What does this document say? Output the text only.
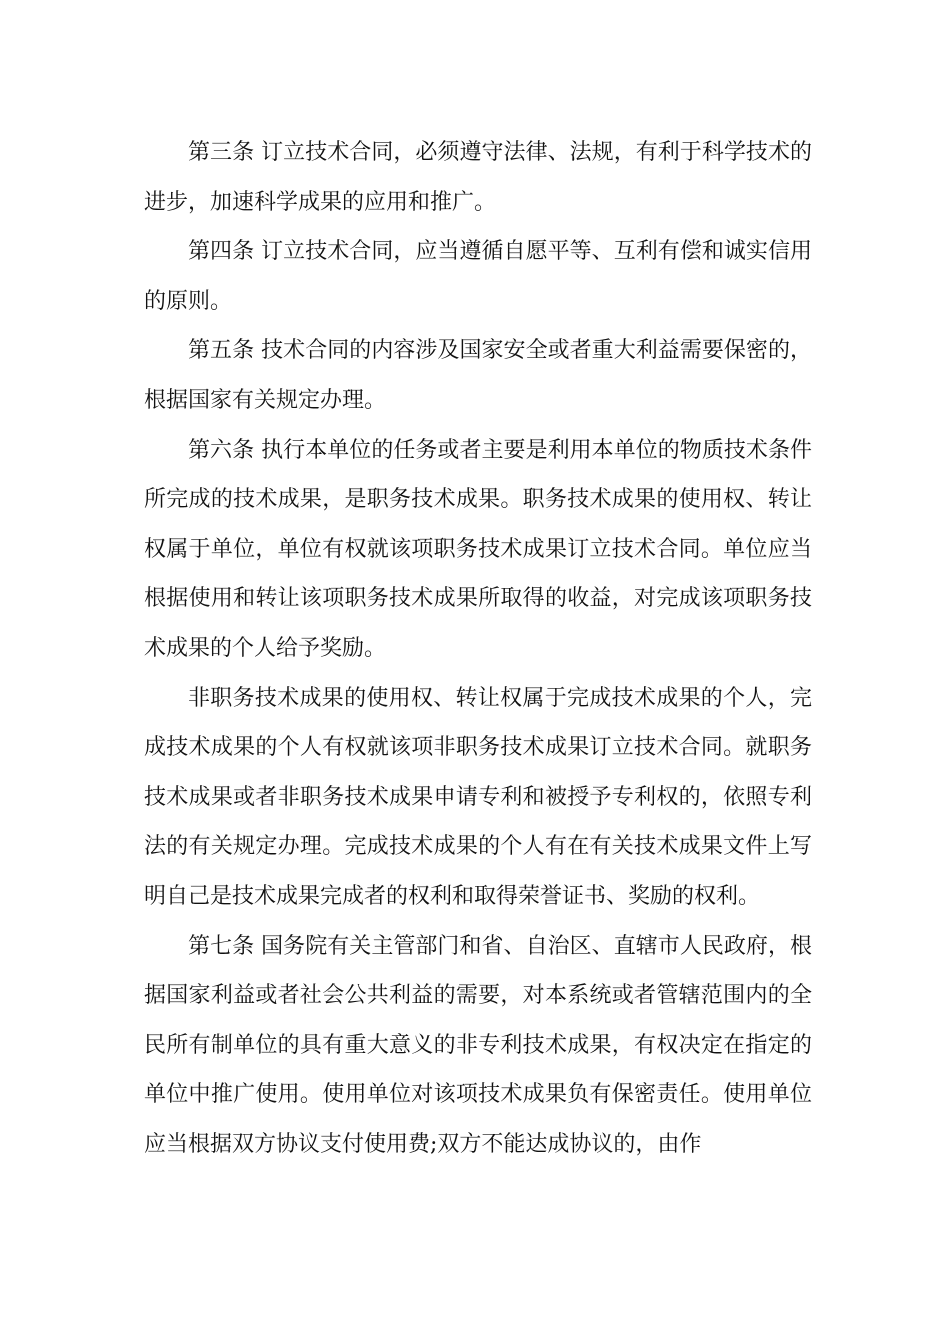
第三条 订立技术合同，必须遵守法律、法规，有利于科学技术的进步，加速科学成果的应用和推广。

第四条 订立技术合同，应当遵循自愿平等、互利有偿和诚实信用的原则。

第五条 技术合同的内容涉及国家安全或者重大利益需要保密的，根据国家有关规定办理。

第六条 执行本单位的任务或者主要是利用本单位的物质技术条件所完成的技术成果，是职务技术成果。职务技术成果的使用权、转让权属于单位，单位有权就该项职务技术成果订立技术合同。单位应当根据使用和转让该项职务技术成果所取得的收益，对完成该项职务技术成果的个人给予奖励。

非职务技术成果的使用权、转让权属于完成技术成果的个人，完成技术成果的个人有权就该项非职务技术成果订立技术合同。就职务技术成果或者非职务技术成果申请专利和被授予专利权的，依照专利法的有关规定办理。完成技术成果的个人有在有关技术成果文件上写明自己是技术成果完成者的权利和取得荣誉证书、奖励的权利。

第七条 国务院有关主管部门和省、自治区、直辖市人民政府，根据国家利益或者社会公共利益的需要，对本系统或者管辖范围内的全民所有制单位的具有重大意义的非专利技术成果，有权决定在指定的单位中推广使用。使用单位对该项技术成果负有保密责任。使用单位应当根据双方协议支付使用费;双方不能达成协议的，由作
